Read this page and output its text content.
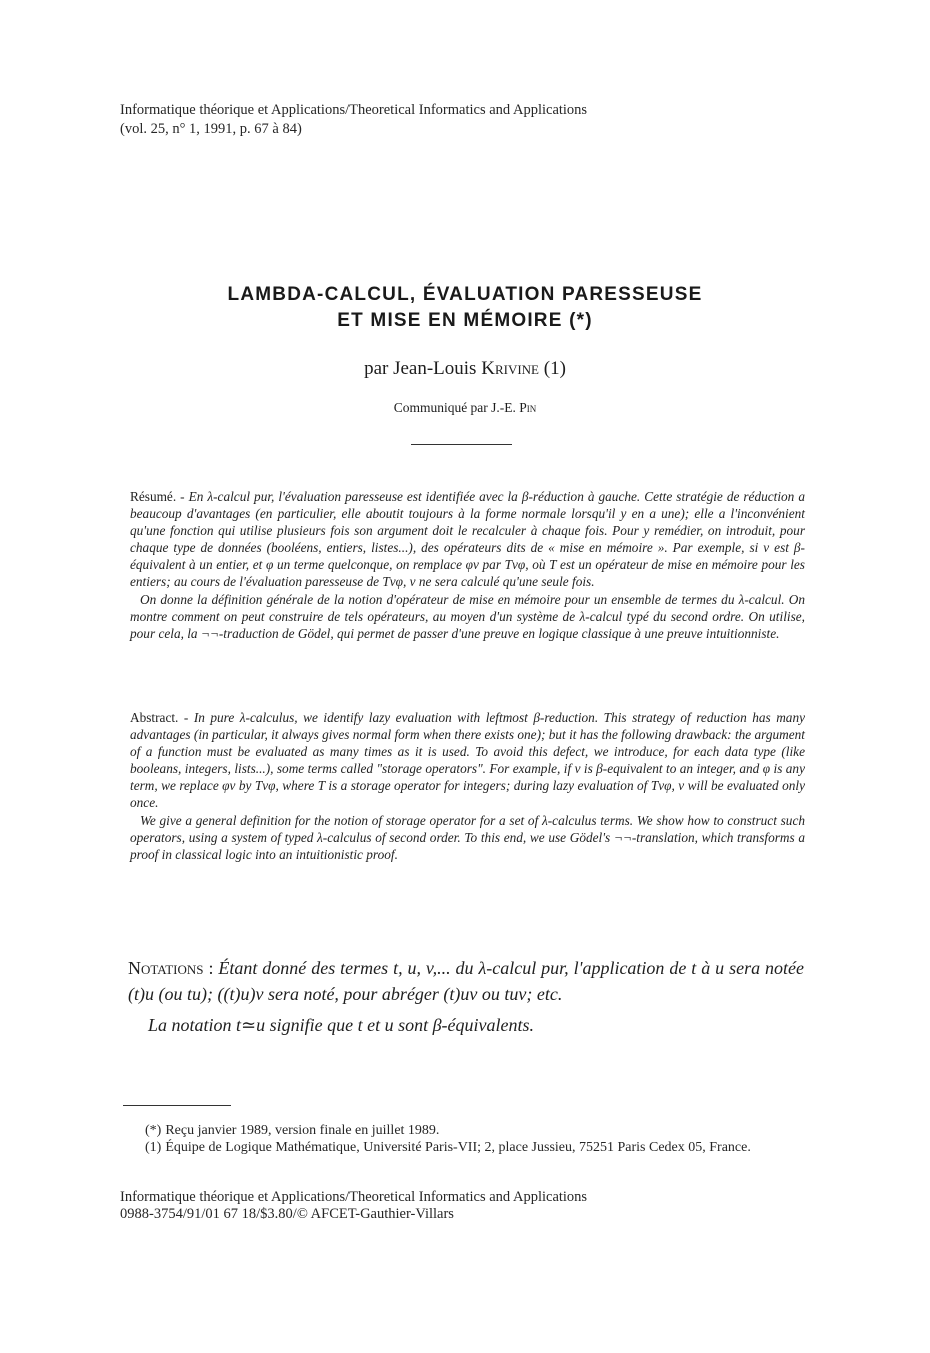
Informatique théorique et Applications/Theoretical Informatics and Applications
(vol. 25, n° 1, 1991, p. 67 à 84)
LAMBDA-CALCUL, ÉVALUATION PARESSEUSE
ET MISE EN MÉMOIRE (*)
par Jean-Louis Krivine (1)
Communiqué par J.-E. Pin

Résumé. - En λ-calcul pur, l'évaluation paresseuse est identifiée avec la β-réduction à gauche. Cette stratégie de réduction a beaucoup d'avantages (en particulier, elle aboutit toujours à la forme normale lorsqu'il y en a une); elle a l'inconvénient qu'une fonction qui utilise plusieurs fois son argument doit le recalculer à chaque fois. Pour y remédier, on introduit, pour chaque type de données (booléens, entiers, listes...), des opérateurs dits de « mise en mémoire ». Par exemple, si ν est β-équivalent à un entier, et φ un terme quelconque, on remplace φν par Tνφ, où T est un opérateur de mise en mémoire pour les entiers; au cours de l'évaluation paresseuse de Tνφ, ν ne sera calculé qu'une seule fois.

On donne la définition générale de la notion d'opérateur de mise en mémoire pour un ensemble de termes du λ-calcul. On montre comment on peut construire de tels opérateurs, au moyen d'un système de λ-calcul typé du second ordre. On utilise, pour cela, la ¬¬-traduction de Gödel, qui permet de passer d'une preuve en logique classique à une preuve intuitionniste.

Abstract. - In pure λ-calculus, we identify lazy evaluation with leftmost β-reduction. This strategy of reduction has many advantages (in particular, it always gives normal form when there exists one); but it has the following drawback: the argument of a function must be evaluated as many times as it is used. To avoid this defect, we introduce, for each data type (like booleans, integers, lists...), some terms called "storage operators". For example, if ν is β-equivalent to an integer, and φ is any term, we replace φν by Tνφ, where T is a storage operator for integers; during lazy evaluation of Tνφ, ν will be evaluated only once.

We give a general definition for the notion of storage operator for a set of λ-calculus terms. We show how to construct such operators, using a system of typed λ-calculus of second order. To this end, we use Gödel's ¬¬-translation, which transforms a proof in classical logic into an intuitionistic proof.

Notations : Étant donné des termes t, u, v,... du λ-calcul pur, l'application de t à u sera notée (t)u (ou tu); ((t)u)v sera noté, pour abréger (t)uv ou tuv; etc.

La notation t≃u signifie que t et u sont β-équivalents.

(*) Reçu janvier 1989, version finale en juillet 1989.
(1) Équipe de Logique Mathématique, Université Paris-VII; 2, place Jussieu, 75251 Paris Cedex 05, France.
Informatique théorique et Applications/Theoretical Informatics and Applications
0988-3754/91/01 67 18/$3.80/© AFCET-Gauthier-Villars
